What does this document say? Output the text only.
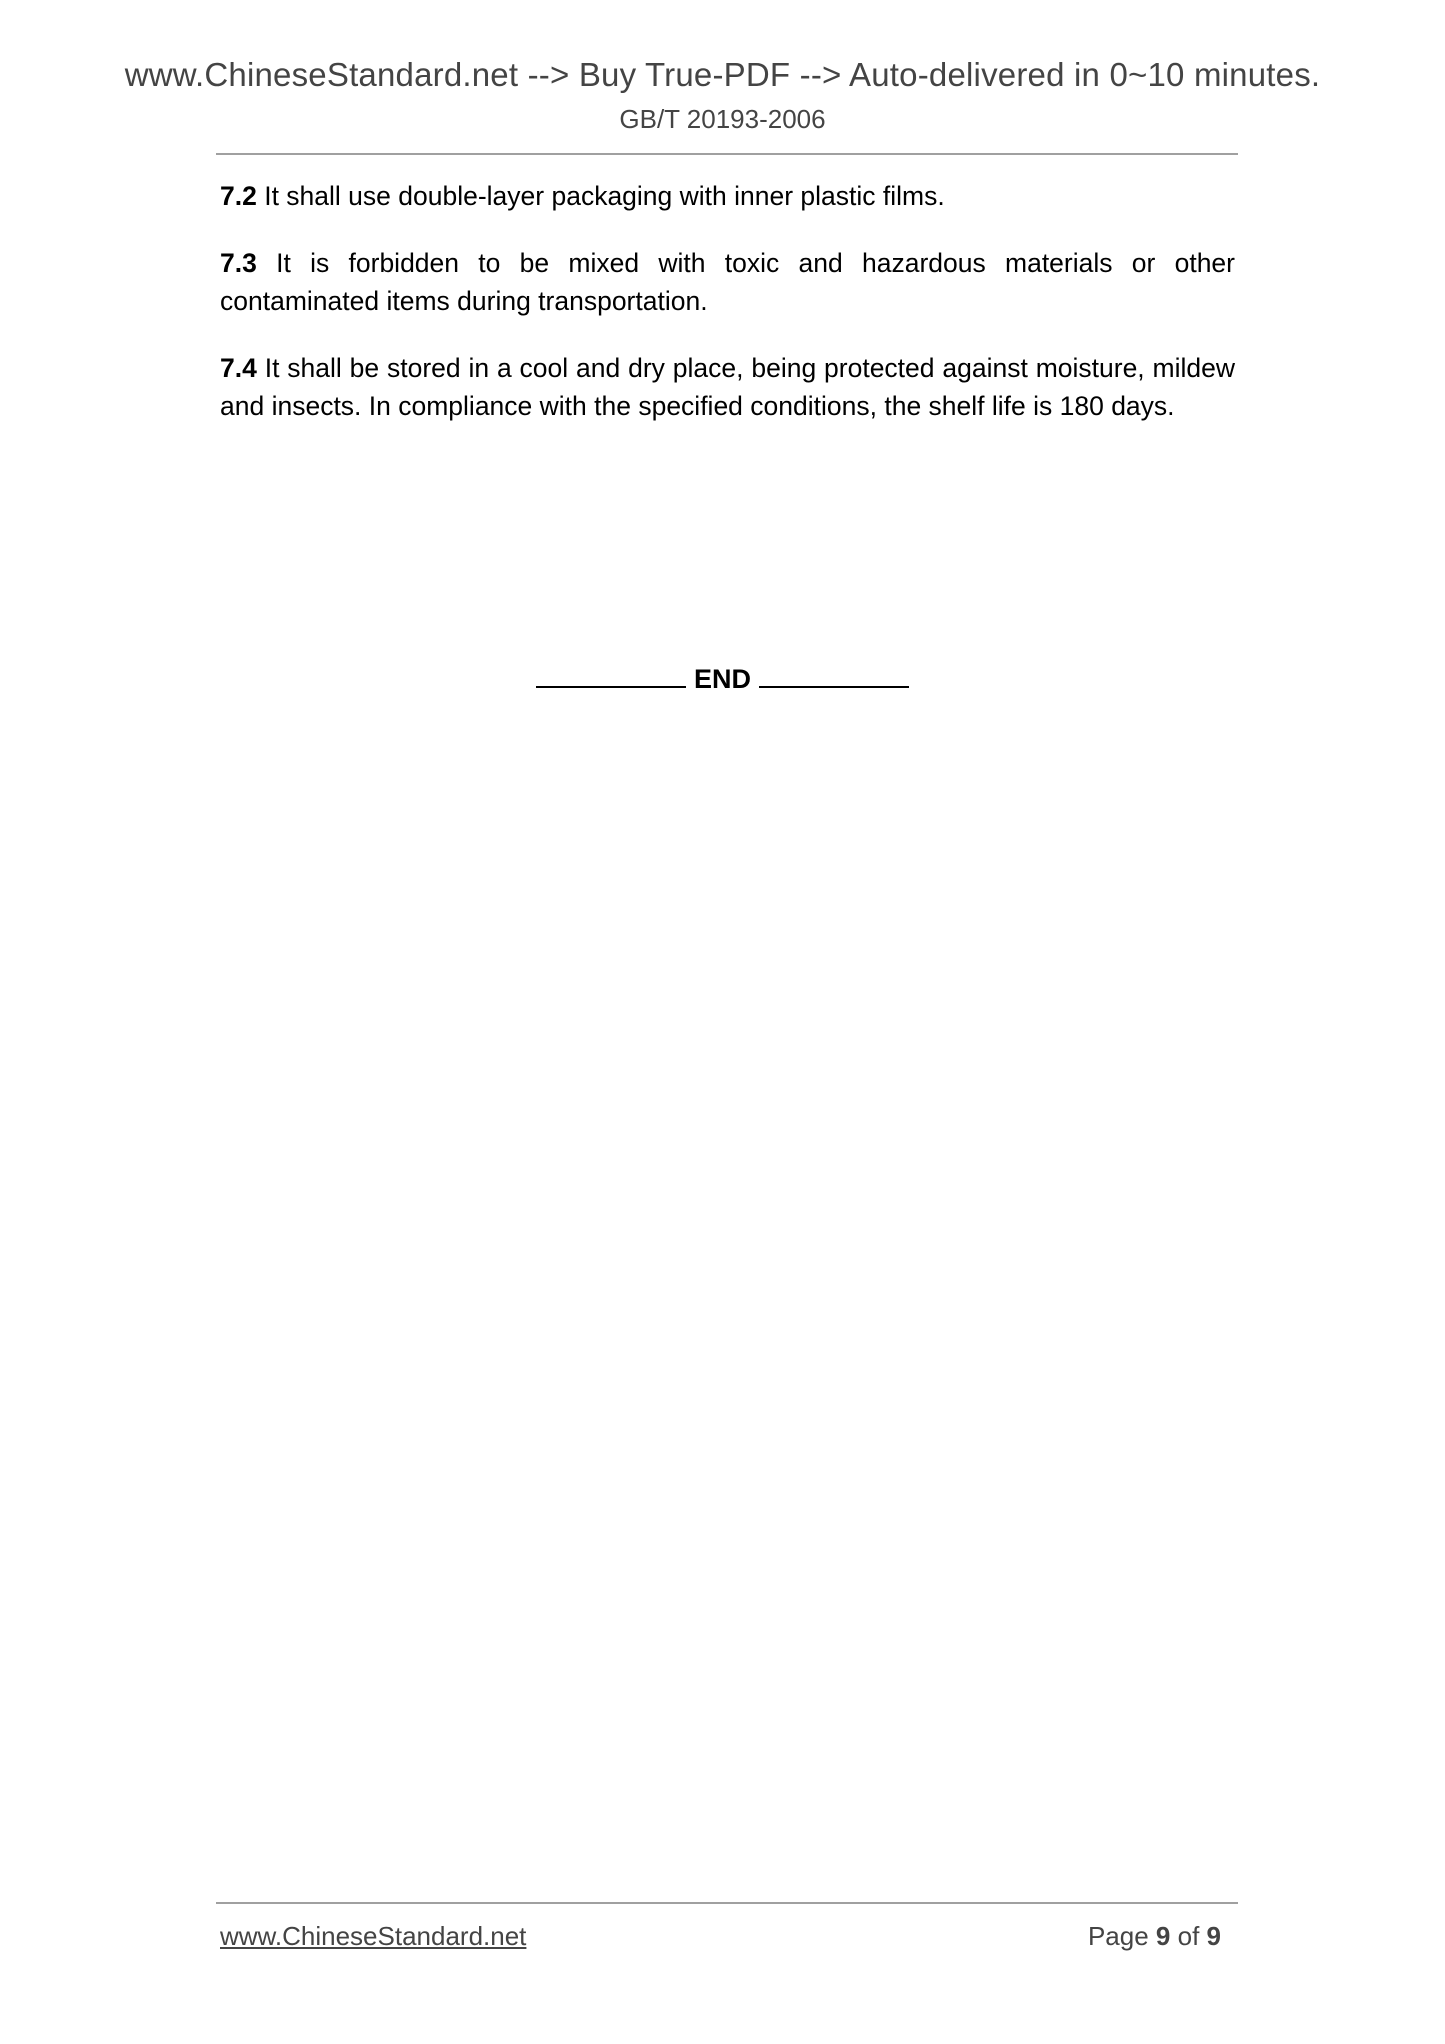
www.ChineseStandard.net --> Buy True-PDF --> Auto-delivered in 0~10 minutes.
GB/T 20193-2006

7.2 It shall use double-layer packaging with inner plastic films.

7.3 It is forbidden to be mixed with toxic and hazardous materials or other contaminated items during transportation.

7.4 It shall be stored in a cool and dry place, being protected against moisture, mildew and insects. In compliance with the specified conditions, the shelf life is 180 days.

END
www.ChineseStandard.net	Page 9 of 9
